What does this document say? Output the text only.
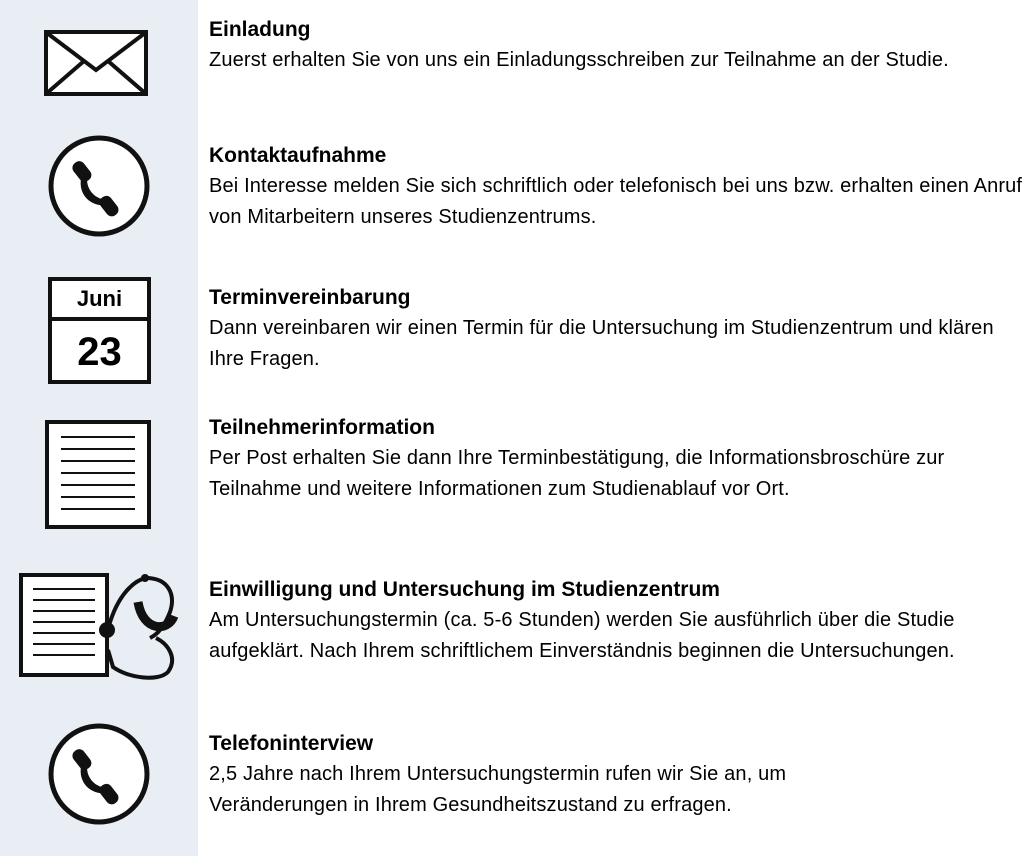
Juni
23

Einladung

Zuerst erhalten Sie von uns ein Einladungsschreiben zur Teilnahme an der Studie.

Kontaktaufnahme

Bei Interesse melden Sie sich schriftlich oder telefonisch bei uns bzw. erhalten einen Anruf von Mitarbeitern unseres Studienzentrums.

Terminvereinbarung

Dann vereinbaren wir einen Termin für die Untersuchung im Studienzentrum und klären Ihre Fragen.

Teilnehmerinformation

Per Post erhalten Sie dann Ihre Terminbestätigung, die Informationsbroschüre zur Teilnahme und weitere Informationen zum Studienablauf vor Ort.

Einwilligung und Untersuchung im Studienzentrum

Am Untersuchungstermin (ca. 5-6 Stunden) werden Sie ausführlich über die Studie aufgeklärt. Nach Ihrem schriftlichem Einverständnis beginnen die Untersuchungen.

Telefoninterview

2,5 Jahre nach Ihrem Untersuchungstermin rufen wir Sie an, um Veränderungen in Ihrem Gesundheitszustand zu erfragen.
